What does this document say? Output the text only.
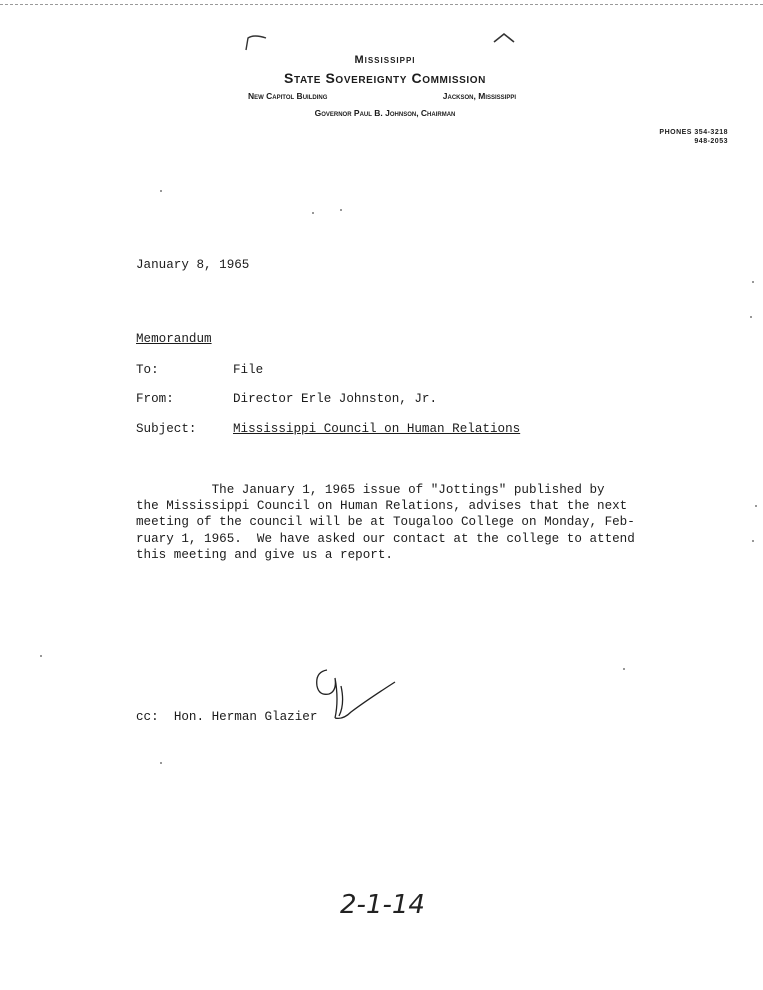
Mississippi
State Sovereignty Commission
New Capitol Building	Jackson, Mississippi
Governor Paul B. Johnson, Chairman
PHONES 354-3218
948-2053
January 8, 1965
Memorandum
To:	File
From:	Director Erle Johnston, Jr.
Subject:	Mississippi Council on Human Relations
The January 1, 1965 issue of "Jottings" published by
the Mississippi Council on Human Relations, advises that the next
meeting of the council will be at Tougaloo College on Monday, Feb-
ruary 1, 1965.  We have asked our contact at the college to attend
this meeting and give us a report.
cc: Hon. Herman Glazier
2-1-14
